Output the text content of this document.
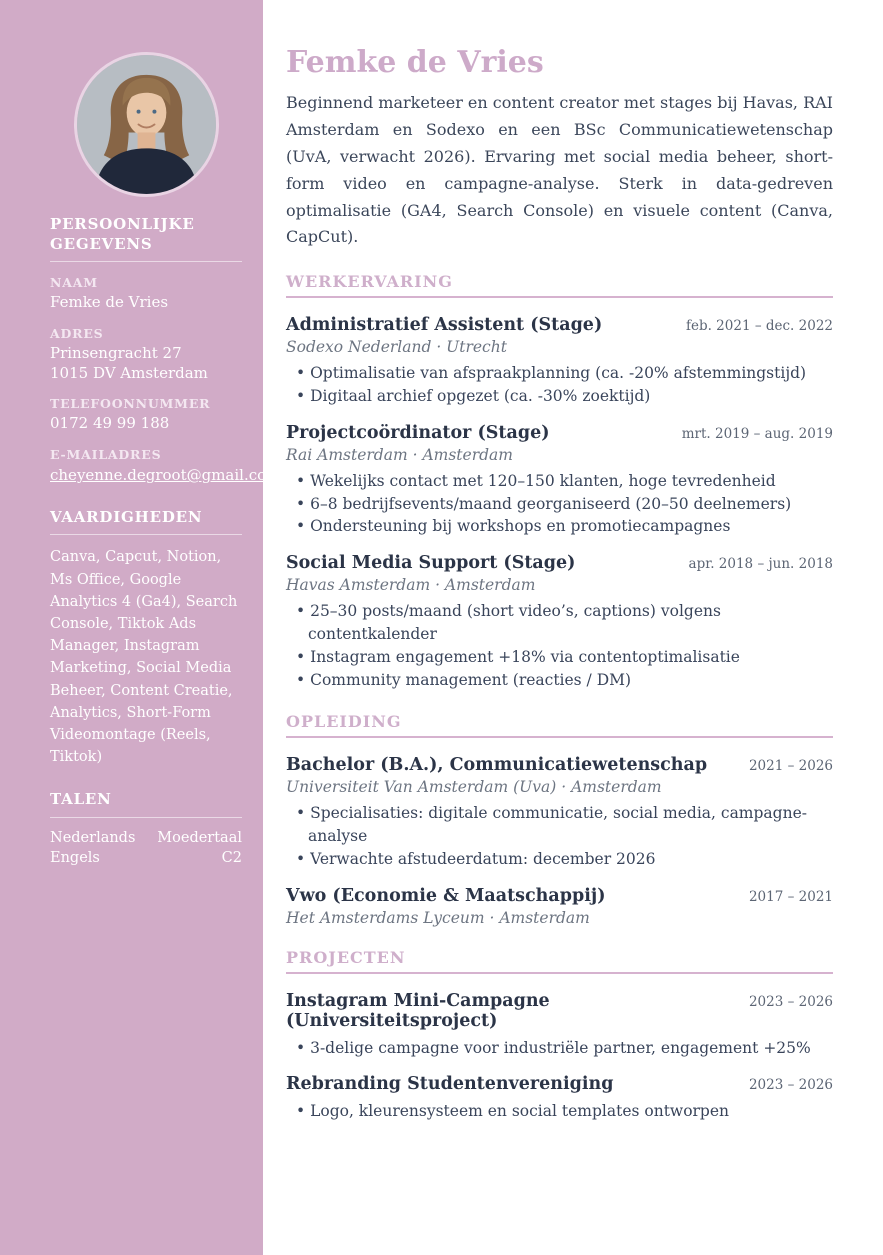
PERSOONLIJKE GEGEVENS
NAAM
Femke de Vries
ADRES
Prinsengracht 27
1015 DV Amsterdam
TELEFOONNUMMER
0172 49 99 188
E-MAILADRES
cheyenne.degroot@gmail.com
VAARDIGHEDEN

Canva, Capcut, Notion, Ms Office, Google Analytics 4 (Ga4), Search Console, Tiktok Ads Manager, Instagram Marketing, Social Media Beheer, Content Creatie, Analytics, Short-Form Videomontage (Reels, Tiktok)

TALEN
Nederlands Moedertaal
Engels	C2
Femke de Vries

Beginnend marketeer en content creator met stages bij Havas, RAI Amsterdam en Sodexo en een BSc Communicatiewetenschap (UvA, verwacht 2026). Ervaring met social media beheer, short-form video en campagne-analyse. Sterk in data-gedreven optimalisatie (GA4, Search Console) en visuele content (Canva, CapCut).

WERKERVARING
Administratief Assistent (Stage)	feb. 2021 – dec. 2022
Sodexo Nederland · Utrecht
• Optimalisatie van afspraakplanning (ca. -20% afstemmingstijd)
• Digitaal archief opgezet (ca. -30% zoektijd)
Projectcoördinator (Stage)	mrt. 2019 – aug. 2019
Rai Amsterdam · Amsterdam
• Wekelijks contact met 120–150 klanten, hoge tevredenheid
• 6–8 bedrijfsevents/maand georganiseerd (20–50 deelnemers)
• Ondersteuning bij workshops en promotiecampagnes
Social Media Support (Stage)	apr. 2018 – jun. 2018
Havas Amsterdam · Amsterdam
• 25–30 posts/maand (short video’s, captions) volgens contentkalender
• Instagram engagement +18% via contentoptimalisatie
• Community management (reacties / DM)
OPLEIDING
Bachelor (B.A.), Communicatiewetenschap	2021 – 2026
Universiteit Van Amsterdam (Uva) · Amsterdam
• Specialisaties: digitale communicatie, social media, campagne-analyse
• Verwachte afstudeerdatum: december 2026
Vwo (Economie & Maatschappij)	2017 – 2021
Het Amsterdams Lyceum · Amsterdam
PROJECTEN
Instagram Mini-Campagne (Universiteitsproject)
2023 – 2026
• 3-delige campagne voor industriële partner, engagement +25%
Rebranding Studentenvereniging	2023 – 2026
• Logo, kleurensysteem en social templates ontworpen
